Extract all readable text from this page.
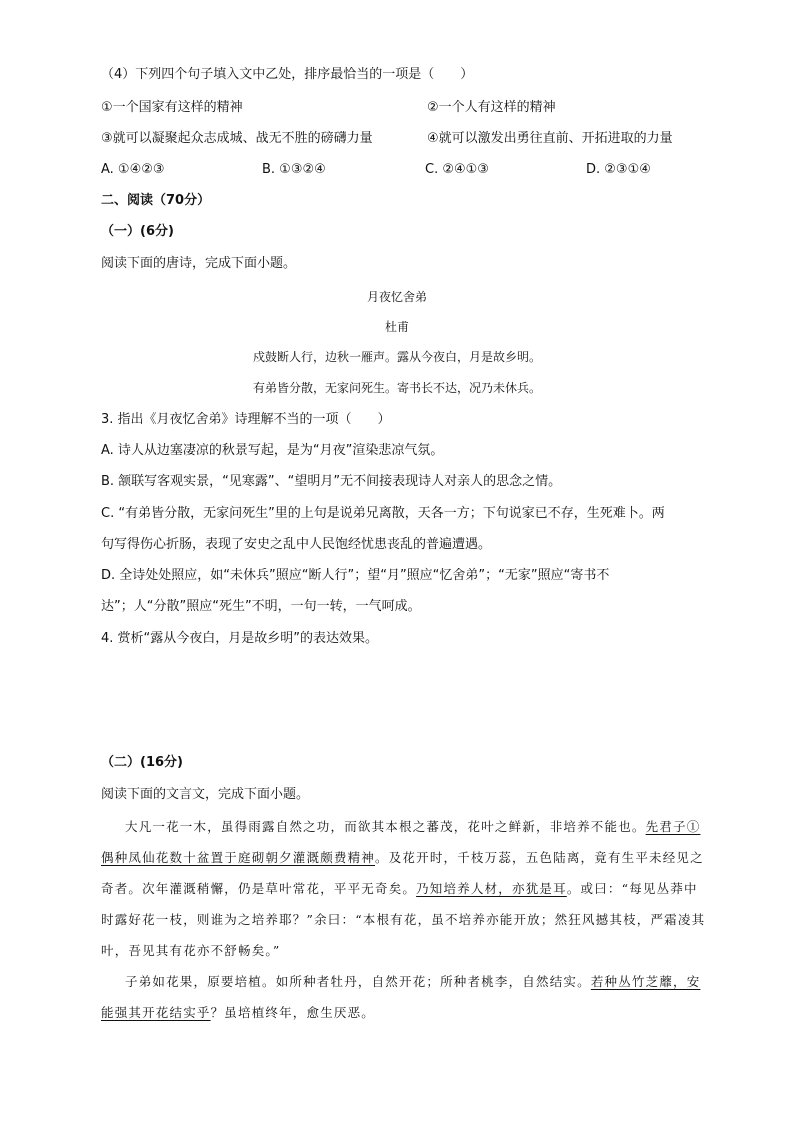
（4）下列四个句子填入文中乙处，排序最恰当的一项是（　　）
①一个国家有这样的精神	②一个人有这样的精神
③就可以凝聚起众志成城、战无不胜的磅礴力量	④就可以激发出勇往直前、开拓进取的力量
A. ①④②③	B. ①③②④	C. ②④①③	D. ②③①④
二、阅读（70分）
（一）(6分)
阅读下面的唐诗，完成下面小题。
月夜忆舍弟
杜甫
戍鼓断人行，边秋一雁声。露从今夜白，月是故乡明。
有弟皆分散，无家问死生。寄书长不达，况乃未休兵。
3. 指出《月夜忆舍弟》诗理解不当的一项（　　）
A. 诗人从边塞凄凉的秋景写起，是为“月夜”渲染悲凉气氛。
B. 颔联写客观实景，“见寒露”、“望明月”无不间接表现诗人对亲人的思念之情。
C. “有弟皆分散，无家问死生”里的上句是说弟兄离散，天各一方；下句说家已不存，生死难卜。两
句写得伤心折肠，表现了安史之乱中人民饱经忧患丧乱的普遍遭遇。
D. 全诗处处照应，如“未休兵”照应“断人行”；望“月”照应“忆舍弟”；“无家”照应“寄书不
达”；人“分散”照应“死生”不明，一句一转，一气呵成。
4. 赏析“露从今夜白，月是故乡明”的表达效果。
（二）(16分)
阅读下面的文言文，完成下面小题。
大凡一花一木，虽得雨露自然之功，而欲其本根之蕃茂，花叶之鲜新，非培养不能也。先君子①
偶种凤仙花数十盆置于庭砌朝夕灌溉颇费精神。及花开时，千枝万蕊，五色陆离，竟有生平未经见之
奇者。次年灌溉稍懈，仍是草叶常花，平平无奇矣。乃知培养人材，亦犹是耳。或曰：“每见丛莽中
时露好花一枝，则谁为之培养耶？”余曰：“本根有花，虽不培养亦能开放；然狂风撼其枝，严霜凌其
叶，吾见其有花亦不舒畅矣。”
子弟如花果，原要培植。如所种者牡丹，自然开花；所种者桃李，自然结实。若种丛竹芝蘼，安
能强其开花结实乎？虽培植终年，愈生厌恶。
